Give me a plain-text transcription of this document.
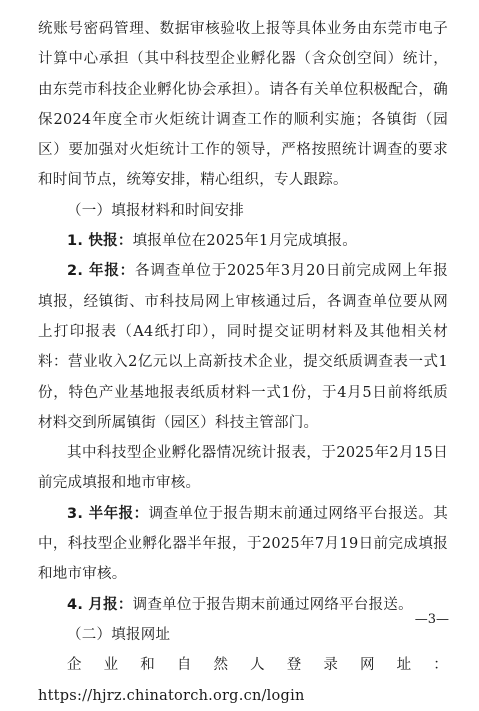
统账号密码管理、数据审核验收上报等具体业务由东莞市电子计算中心承担（其中科技型企业孵化器（含众创空间）统计，由东莞市科技企业孵化协会承担）。请各有关单位积极配合，确保2024年度全市火炬统计调查工作的顺利实施；各镇街（园区）要加强对火炬统计工作的领导，严格按照统计调查的要求和时间节点，统筹安排，精心组织，专人跟踪。

（一）填报材料和时间安排

1. 快报：填报单位在2025年1月完成填报。

2. 年报：各调查单位于2025年3月20日前完成网上年报填报，经镇街、市科技局网上审核通过后，各调查单位要从网上打印报表（A4纸打印），同时提交证明材料及其他相关材料：营业收入2亿元以上高新技术企业，提交纸质调查表一式1份，特色产业基地报表纸质材料一式1份，于4月5日前将纸质材料交到所属镇街（园区）科技主管部门。

其中科技型企业孵化器情况统计报表，于2025年2月15日前完成填报和地市审核。

3. 半年报：调查单位于报告期末前通过网络平台报送。其中，科技型企业孵化器半年报，于2025年7月19日前完成填报和地市审核。

4. 月报：调查单位于报告期末前通过网络平台报送。

（二）填报网址

企业和自然人登录网址：https://hjrz.chinatorch.org.cn/login

—3—
